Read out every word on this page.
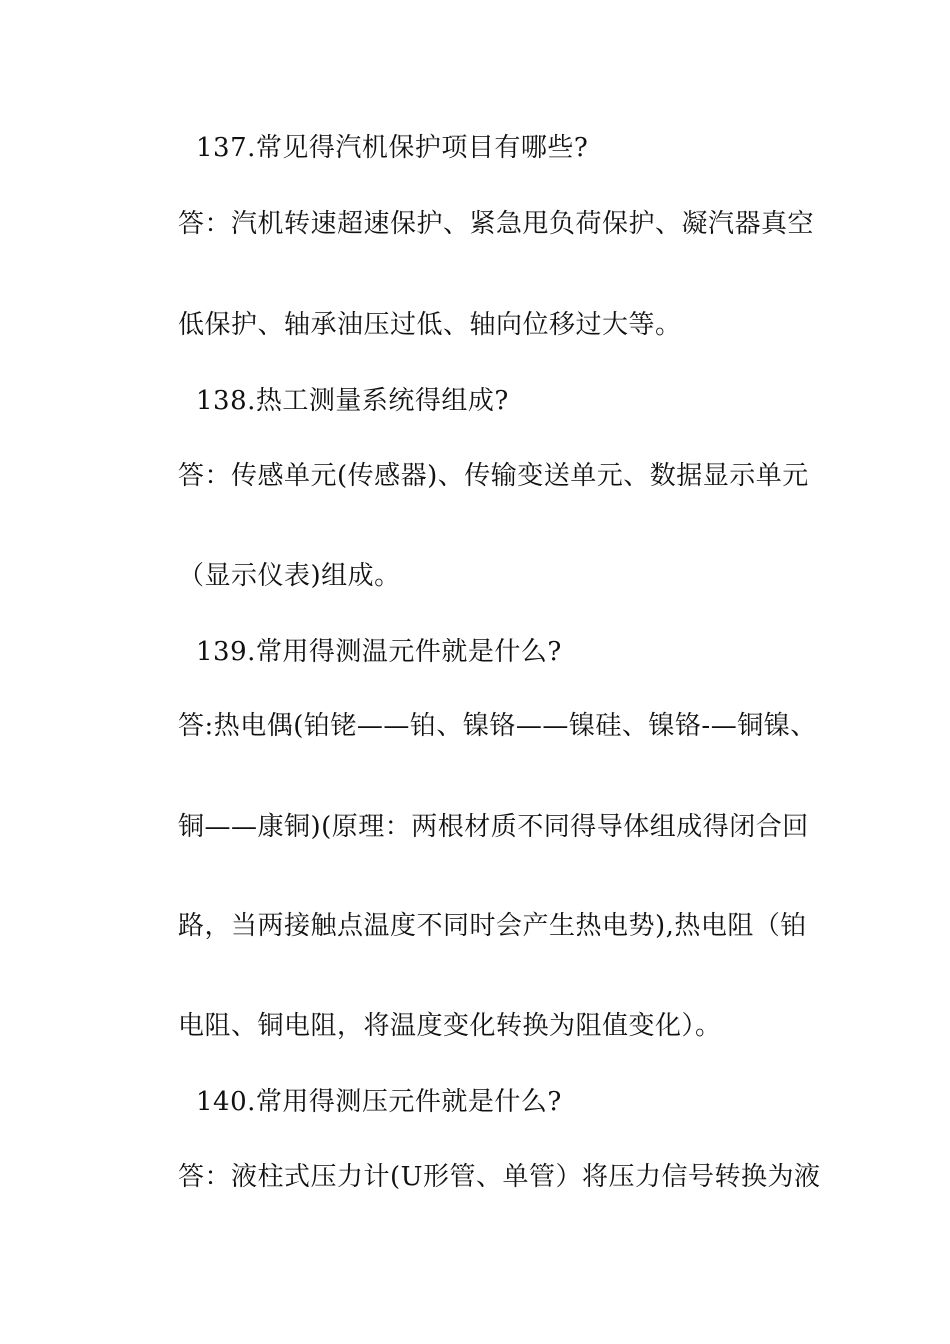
137.常见得汽机保护项目有哪些?
答：汽机转速超速保护、紧急甩负荷保护、凝汽器真空
低保护、轴承油压过低、轴向位移过大等。
138.热工测量系统得组成?
答：传感单元(传感器)、传输变送单元、数据显示单元
（显示仪表)组成。
139.常用得测温元件就是什么?
答:热电偶(铂铑——铂、镍铬——镍硅、镍铬-—铜镍、
铜——康铜)(原理：两根材质不同得导体组成得闭合回
路，当两接触点温度不同时会产生热电势),热电阻（铂
电阻、铜电阻，将温度变化转换为阻值变化）。
140.常用得测压元件就是什么?
答：液柱式压力计(U形管、单管）将压力信号转换为液
